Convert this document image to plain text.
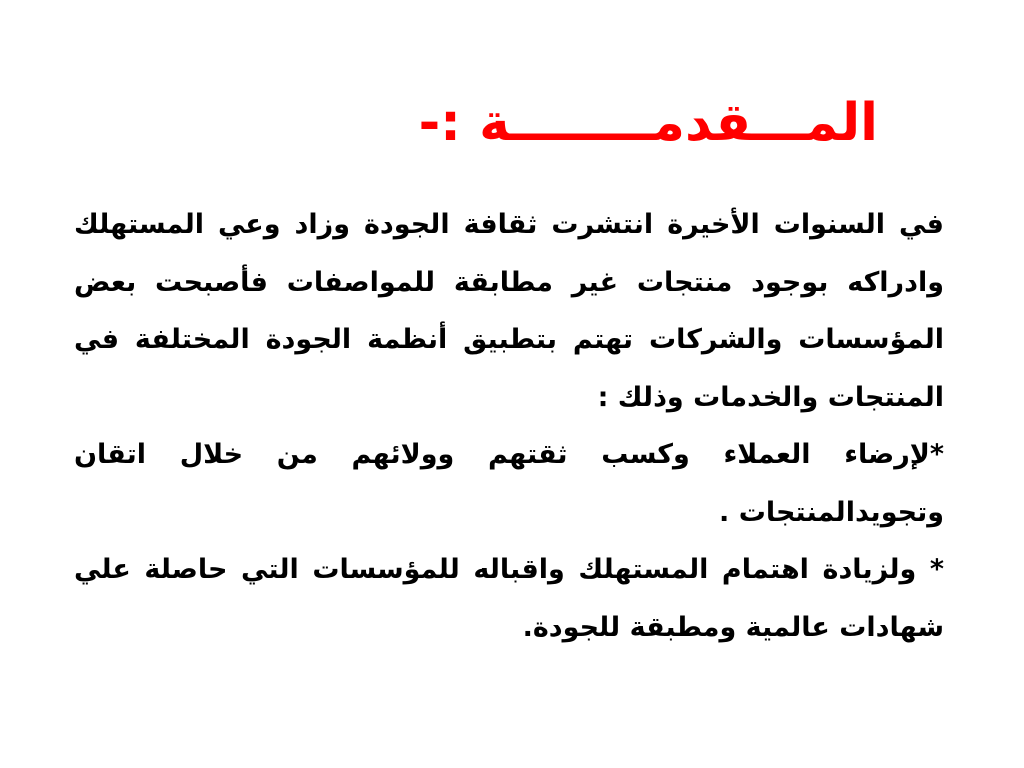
المـــقدمــــــــة :-

في السنوات الأخيرة انتشرت ثقافة الجودة وزاد وعي المستهلك وادراكه بوجود منتجات غير مطابقة للمواصفات فأصبحت بعض المؤسسات والشركات تهتم بتطبيق أنظمة الجودة المختلفة في المنتجات والخدمات وذلك :

*لإرضاء العملاء وكسب ثقتهم وولائهم من خلال اتقان وتجويدالمنتجات .

* ولزيادة اهتمام المستهلك واقباله للمؤسسات التي حاصلة علي شهادات عالمية ومطبقة للجودة.
